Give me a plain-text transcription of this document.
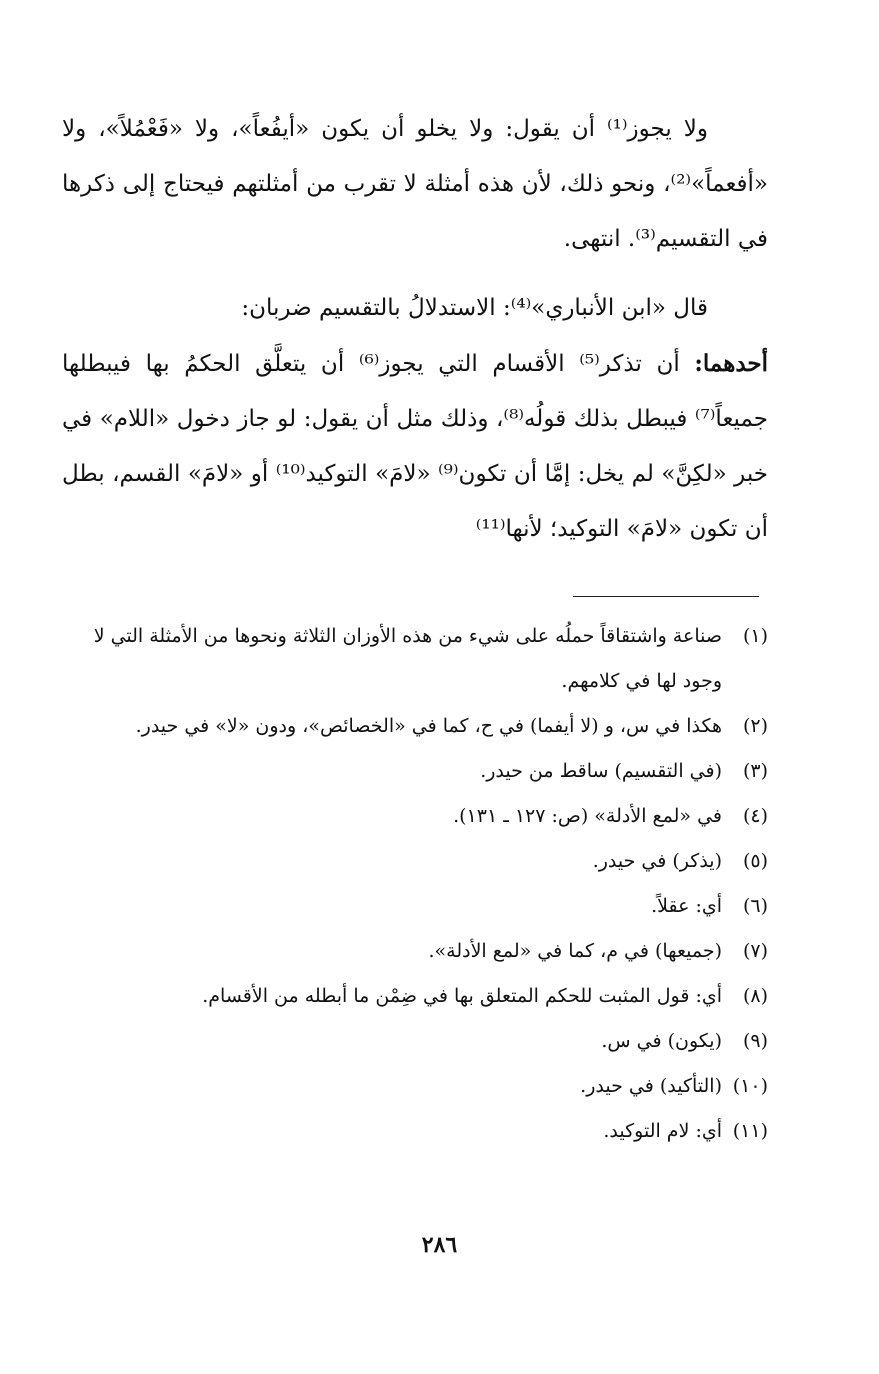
ولا يجوز⁽¹⁾ أن يقول: ولا يخلو أن يكون «أيفُعاً»، ولا «فَعْمُلاً»، ولا «أفعماً»⁽²⁾، ونحو ذلك، لأن هذه أمثلة لا تقرب من أمثلتهم فيحتاج إلى ذكرها في التقسيم⁽³⁾. انتهى.

قال «ابن الأنباري»⁽⁴⁾: الاستدلالُ بالتقسيم ضربان:

أحدهما: أن تذكر⁽⁵⁾ الأقسام التي يجوز⁽⁶⁾ أن يتعلَّق الحكمُ بها فيبطلها جميعاً⁽⁷⁾ فيبطل بذلك قولُه⁽⁸⁾، وذلك مثل أن يقول: لو جاز دخول «اللام» في خبر «لكِنَّ» لم يخل: إمَّا أن تكون⁽⁹⁾ «لامَ» التوكيد⁽¹⁰⁾ أو «لامَ» القسم، بطل أن تكون «لامَ» التوكيد؛ لأنها⁽¹¹⁾

(١)
صناعة واشتقاقاً حملُه على شيء من هذه الأوزان الثلاثة ونحوها من الأمثلة التي لا وجود لها في كلامهم.
(٢)
هكذا في س، و (لا أيفما) في ح، كما في «الخصائص»، ودون «لا» في حيدر.
(٣)
(في التقسيم) ساقط من حيدر.
(٤)
في «لمع الأدلة» (ص: ١٢٧ ـ ١٣١).
(٥)
(يذكر) في حيدر.
(٦)
أي: عقلاً.
(٧)
(جميعها) في م، كما في «لمع الأدلة».
(٨)
أي: قول المثبت للحكم المتعلق بها في ضِمْن ما أبطله من الأقسام.
(٩)
(يكون) في س.
(١٠)
(التأكيد) في حيدر.
(١١)
أي: لام التوكيد.
٢٨٦
